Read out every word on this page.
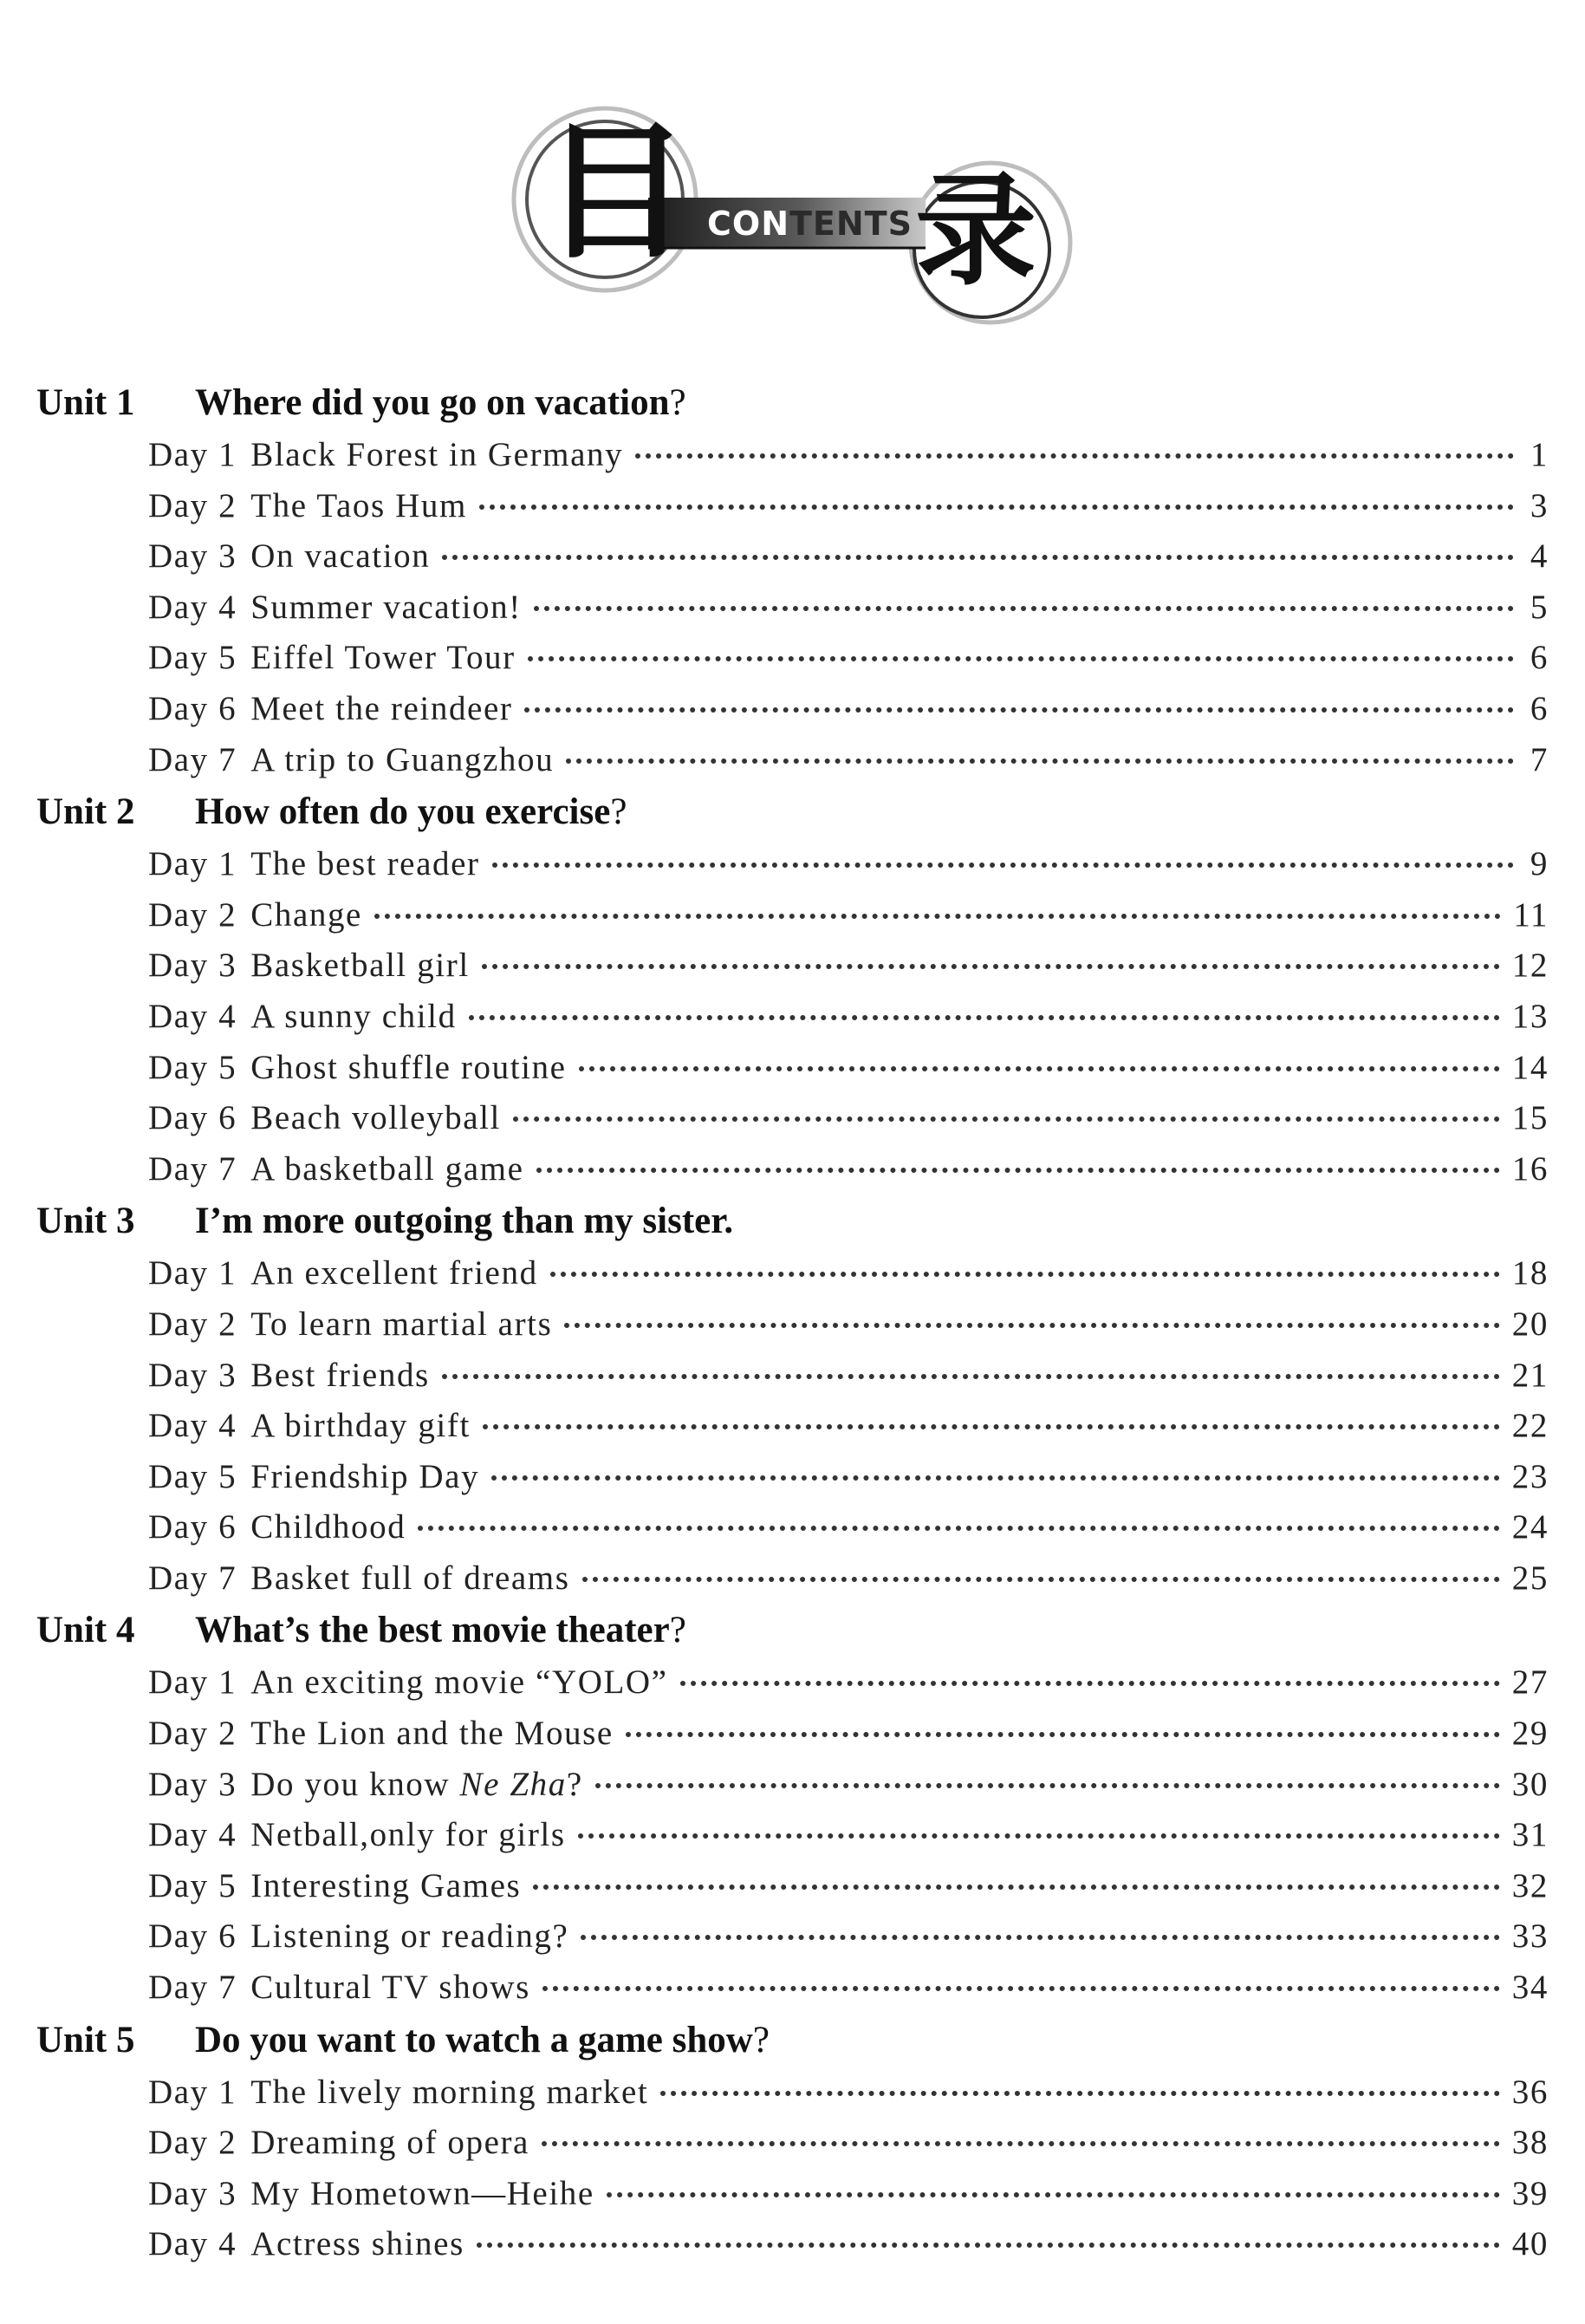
目 录
CONTENTS
Unit 1	Where did you go on vacation?
Day 1 Black Forest in Germany	1
Day 2 The Taos Hum	3
Day 3 On vacation	4
Day 4 Summer vacation!	5
Day 5 Eiffel Tower Tour	6
Day 6 Meet the reindeer	6
Day 7 A trip to Guangzhou	7
Unit 2	How often do you exercise?
Day 1 The best reader	9
Day 2 Change	11
Day 3 Basketball girl	12
Day 4 A sunny child	13
Day 5 Ghost shuffle routine	14
Day 6 Beach volleyball	15
Day 7 A basketball game	16
Unit 3	I’m more outgoing than my sister.
Day 1 An excellent friend	18
Day 2 To learn martial arts	20
Day 3 Best friends	21
Day 4 A birthday gift	22
Day 5 Friendship Day	23
Day 6 Childhood	24
Day 7 Basket full of dreams	25
Unit 4	What’s the best movie theater?
Day 1 An exciting movie “YOLO”	27
Day 2 The Lion and the Mouse	29
Day 3 Do you know Ne Zha?	30
Day 4 Netball,only for girls	31
Day 5 Interesting Games	32
Day 6 Listening or reading?	33
Day 7 Cultural TV shows	34
Unit 5	Do you want to watch a game show?
Day 1 The lively morning market	36
Day 2 Dreaming of opera	38
Day 3 My Hometown—Heihe	39
Day 4 Actress shines	40
